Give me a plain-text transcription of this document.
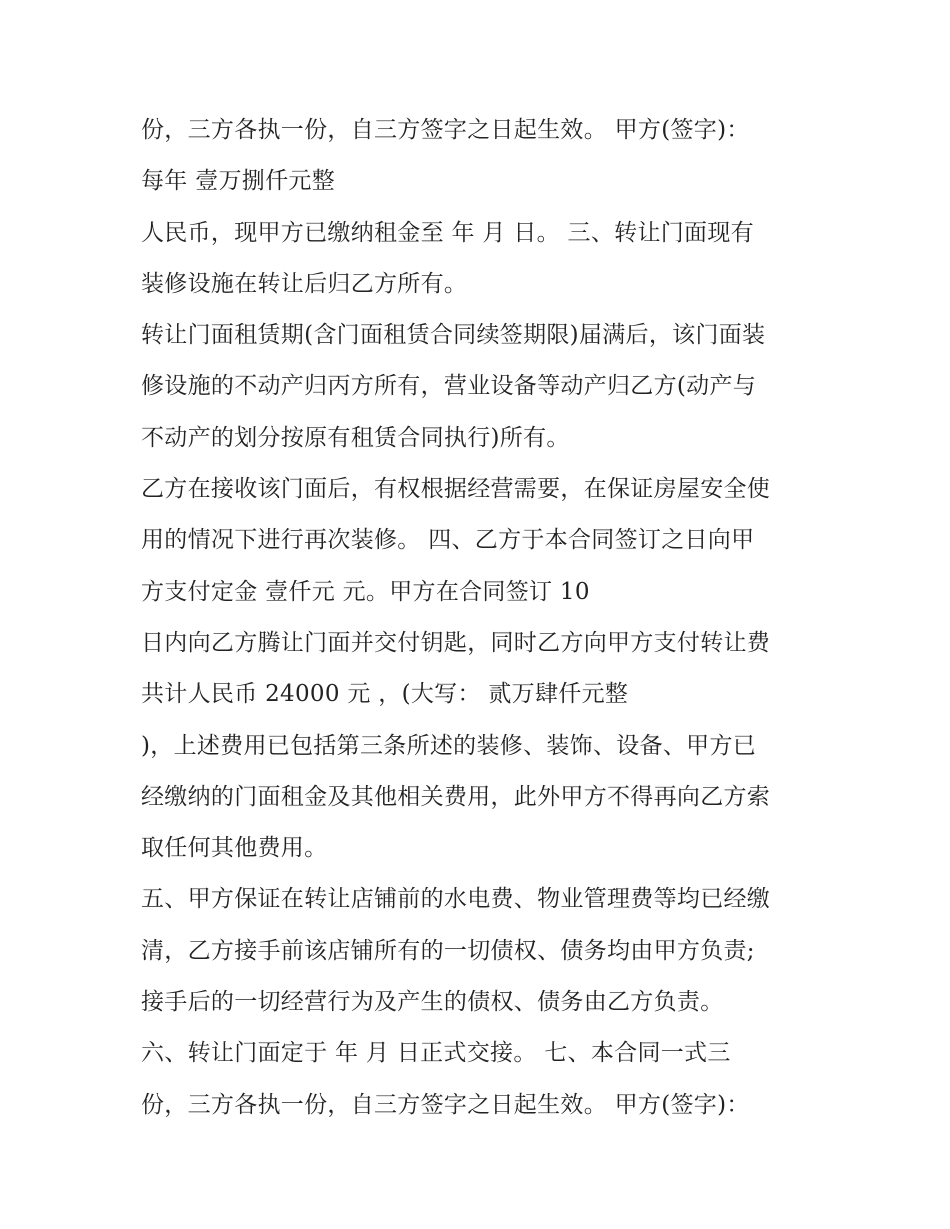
份，三方各执一份，自三方签字之日起生效。 甲方(签字)：
每年 壹万捌仟元整
人民币，现甲方已缴纳租金至 年 月 日。 三、转让门面现有
装修设施在转让后归乙方所有。
转让门面租赁期(含门面租赁合同续签期限)届满后，该门面装
修设施的不动产归丙方所有，营业设备等动产归乙方(动产与
不动产的划分按原有租赁合同执行)所有。
乙方在接收该门面后，有权根据经营需要，在保证房屋安全使
用的情况下进行再次装修。 四、乙方于本合同签订之日向甲
方支付定金 壹仟元 元。甲方在合同签订 10
日内向乙方腾让门面并交付钥匙，同时乙方向甲方支付转让费
共计人民币 24000 元 ，(大写： 贰万肆仟元整
)，上述费用已包括第三条所述的装修、装饰、设备、甲方已
经缴纳的门面租金及其他相关费用，此外甲方不得再向乙方索
取任何其他费用。
五、甲方保证在转让店铺前的水电费、物业管理费等均已经缴
清，乙方接手前该店铺所有的一切债权、债务均由甲方负责;
接手后的一切经营行为及产生的债权、债务由乙方负责。
六、转让门面定于 年 月 日正式交接。 七、本合同一式三
份，三方各执一份，自三方签字之日起生效。 甲方(签字)：
